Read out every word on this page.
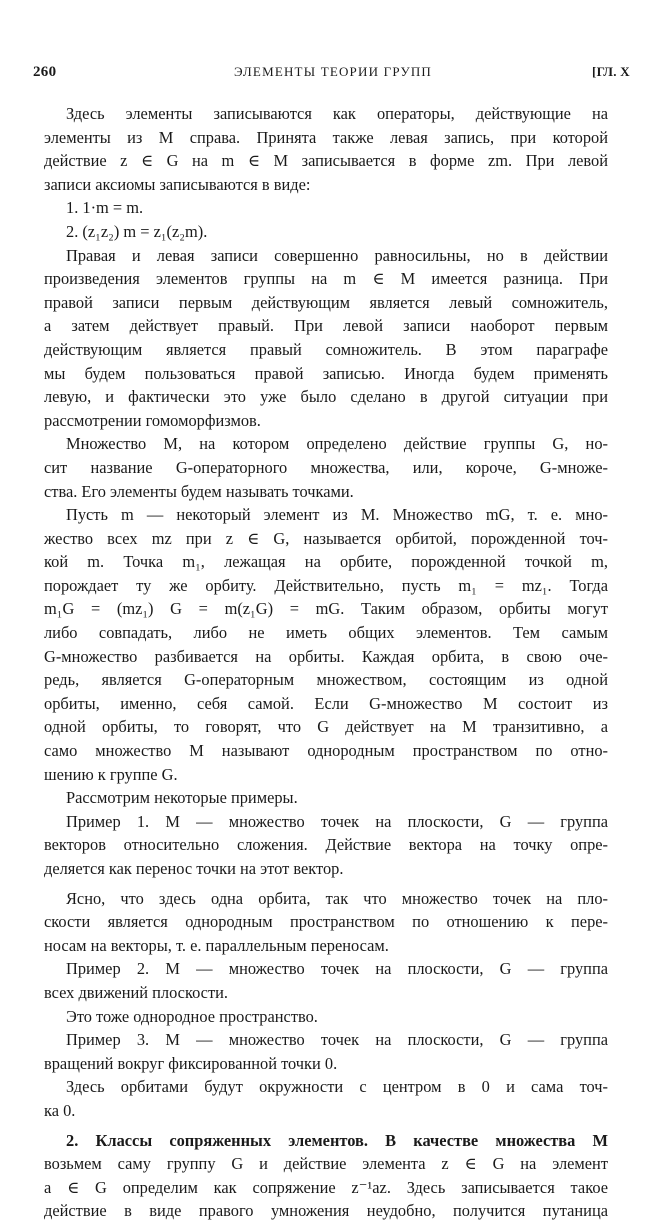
260	ЭЛЕМЕНТЫ ТЕОРИИ ГРУПП	[ГЛ. X
Здесь элементы записываются как операторы, действующие на
элементы из M справа. Принята также левая запись, при которой
действие z ∈ G на m ∈ M записывается в форме zm. При левой
записи аксиомы записываются в виде:
1. 1·m = m.
2. (z₁z₂) m = z₁(z₂m).
Правая и левая записи совершенно равносильны, но в действии
произведения элементов группы на m ∈ M имеется разница. При
правой записи первым действующим является левый сомножитель,
а затем действует правый. При левой записи наоборот первым
действующим является правый сомножитель. В этом параграфе
мы будем пользоваться правой записью. Иногда будем применять
левую, и фактически это уже было сделано в другой ситуации при
рассмотрении гомоморфизмов.
Множество M, на котором определено действие группы G, но-
сит название G-операторного множества, или, короче, G-множе-
ства. Его элементы будем называть точками.
Пусть m — некоторый элемент из M. Множество mG, т. е. мно-
жество всех mz при z ∈ G, называется орбитой, порожденной точ-
кой m. Точка m₁, лежащая на орбите, порожденной точкой m,
порождает ту же орбиту. Действительно, пусть m₁ = mz₁. Тогда
m₁G = (mz₁) G = m(z₁G) = mG. Таким образом, орбиты могут
либо совпадать, либо не иметь общих элементов. Тем самым
G-множество разбивается на орбиты. Каждая орбита, в свою оче-
редь, является G-операторным множеством, состоящим из одной
орбиты, именно, себя самой. Если G-множество M состоит из
одной орбиты, то говорят, что G действует на M транзитивно, а
само множество M называют однородным пространством по отно-
шению к группе G.
Рассмотрим некоторые примеры.
Пример 1. M — множество точек на плоскости, G — группа
векторов относительно сложения. Действие вектора на точку опре-
деляется как перенос точки на этот вектор.
Ясно, что здесь одна орбита, так что множество точек на пло-
скости является однородным пространством по отношению к пере-
носам на векторы, т. е. параллельным переносам.
Пример 2. M — множество точек на плоскости, G — группа
всех движений плоскости.
Это тоже однородное пространство.
Пример 3. M — множество точек на плоскости, G — группа
вращений вокруг фиксированной точки 0.
Здесь орбитами будут окружности с центром в 0 и сама точ-
ка 0.
2. Классы сопряженных элементов. В качестве множества M
возьмем саму группу G и действие элемента z ∈ G на элемент
a ∈ G определим как сопряжение z⁻¹az. Здесь записывается такое
действие в виде правого умножения неудобно, получится путаница
